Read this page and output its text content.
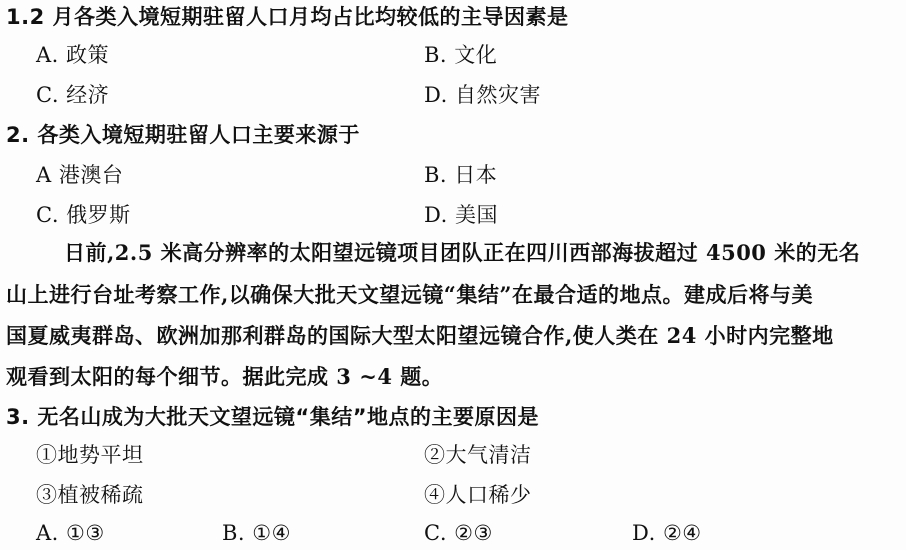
1.2 月各类入境短期驻留人口月均占比均较低的主导因素是
A. 政策	B. 文化
C. 经济	D. 自然灾害
2. 各类入境短期驻留人口主要来源于
A 港澳台	B. 日本
C. 俄罗斯	D. 美国
日前,2.5 米高分辨率的太阳望远镜项目团队正在四川西部海拔超过 4500 米的无名
山上进行台址考察工作,以确保大批天文望远镜“集结”在最合适的地点。建成后将与美
国夏威夷群岛、欧洲加那利群岛的国际大型太阳望远镜合作,使人类在 24 小时内完整地
观看到太阳的每个细节。据此完成 3 ~4 题。
3. 无名山成为大批天文望远镜“集结”地点的主要原因是
①地势平坦	②大气清洁
③植被稀疏	④人口稀少
A. ①③	B. ①④	C. ②③	D. ②④
